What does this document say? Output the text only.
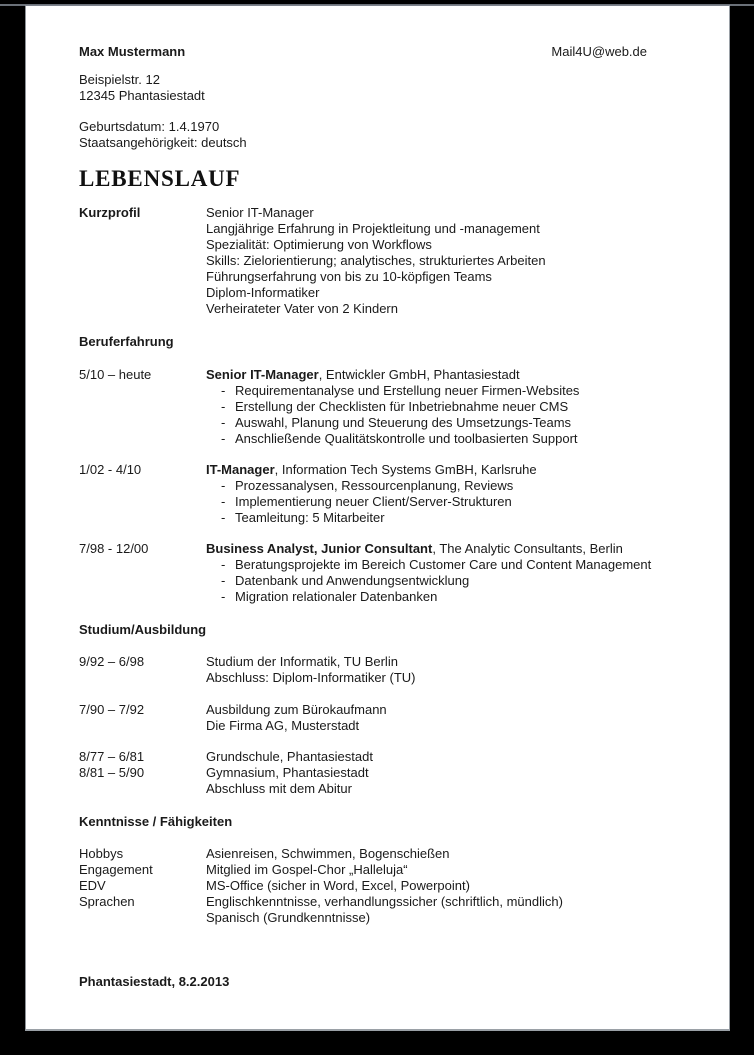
Max Mustermann	Mail4U@web.de
Beispielstr. 12
12345 Phantasiestadt
Geburtsdatum: 1.4.1970
Staatsangehörigkeit: deutsch
LEBENSLAUF
Kurzprofil	Senior IT-Manager
Langjährige Erfahrung in Projektleitung und -management
Spezialität: Optimierung von Workflows
Skills: Zielorientierung; analytisches, strukturiertes Arbeiten
Führungserfahrung von bis zu 10-köpfigen Teams
Diplom-Informatiker
Verheirateter Vater von 2 Kindern
Beruferfahrung
5/10 – heute	Senior IT-Manager, Entwickler GmbH, Phantasiestadt
- Requirementanalyse und Erstellung neuer Firmen-Websites
- Erstellung der Checklisten für Inbetriebnahme neuer CMS
- Auswahl, Planung und Steuerung des Umsetzungs-Teams
- Anschließende Qualitätskontrolle und toolbasierten Support
1/02 - 4/10	IT-Manager, Information Tech Systems GmBH, Karlsruhe
- Prozessanalysen, Ressourcenplanung, Reviews
- Implementierung neuer Client/Server-Strukturen
- Teamleitung: 5 Mitarbeiter
7/98 - 12/00	Business Analyst, Junior Consultant, The Analytic Consultants, Berlin
- Beratungsprojekte im Bereich Customer Care und Content Management
- Datenbank und Anwendungsentwicklung
- Migration relationaler Datenbanken
Studium/Ausbildung
9/92 – 6/98	Studium der Informatik, TU Berlin
Abschluss: Diplom-Informatiker (TU)
7/90 – 7/92	Ausbildung zum Bürokaufmann
Die Firma AG, Musterstadt
8/77 – 6/81	Grundschule, Phantasiestadt
8/81 – 5/90	Gymnasium, Phantasiestadt
Abschluss mit dem Abitur
Kenntnisse / Fähigkeiten
Hobbys	Asienreisen, Schwimmen, Bogenschießen
Engagement	Mitglied im Gospel-Chor „Halleluja“
EDV	MS-Office (sicher in Word, Excel, Powerpoint)
Sprachen	Englischkenntnisse, verhandlungssicher (schriftlich, mündlich)
Spanisch (Grundkenntnisse)
Phantasiestadt, 8.2.2013
